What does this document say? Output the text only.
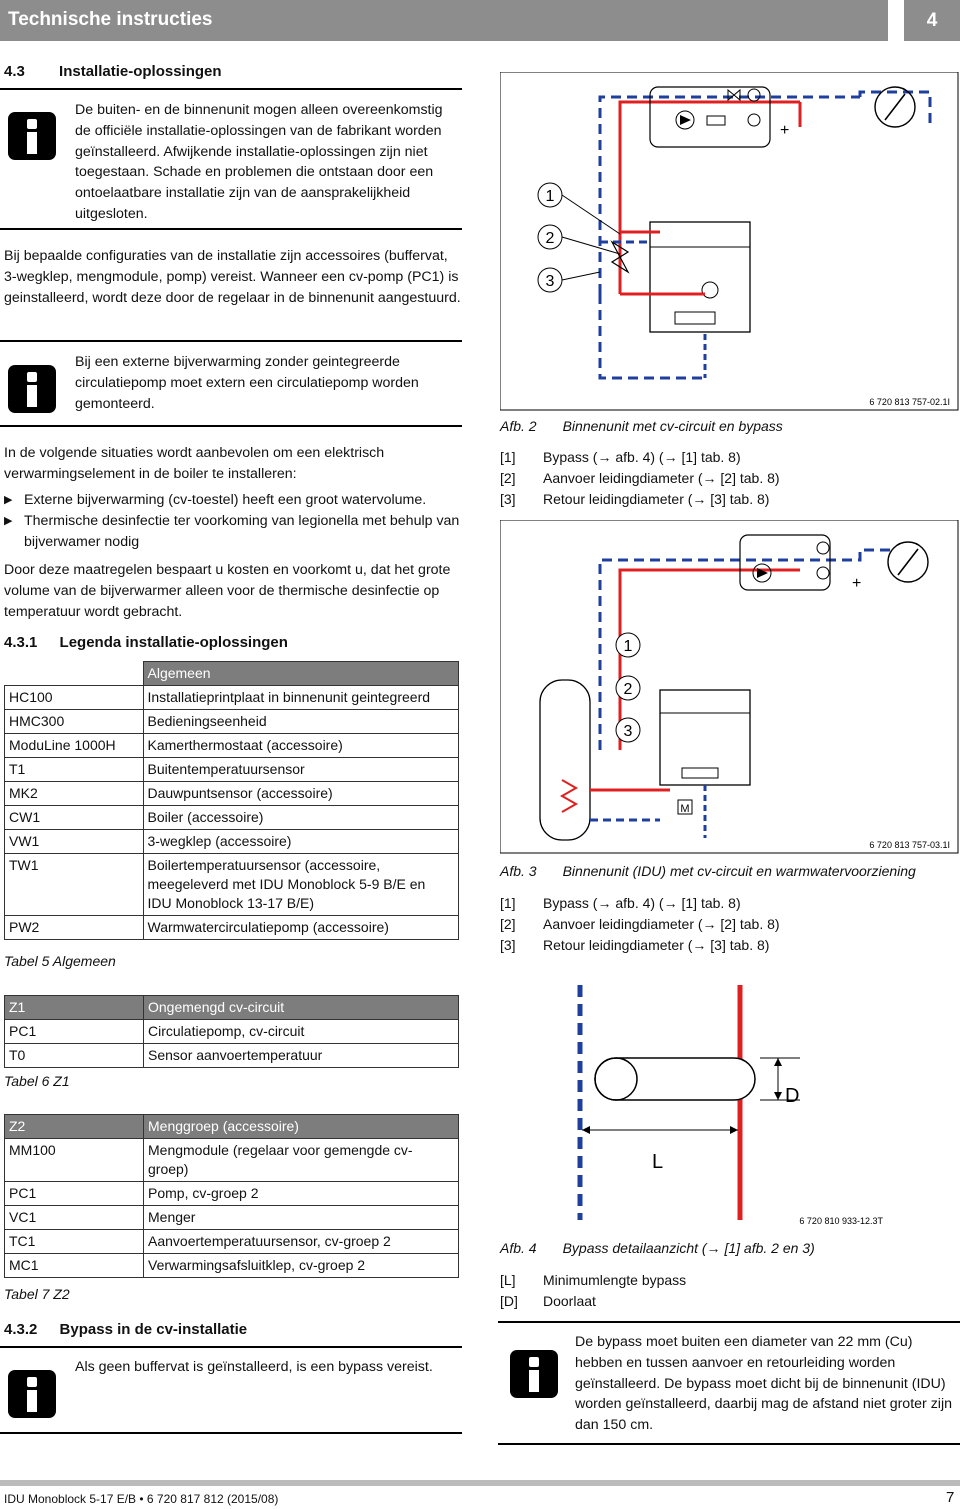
Technische instructies	4
4.3 Installatie-oplossingen
De buiten- en de binnenunit mogen alleen overeenkomstig de officiële installatie-oplossingen van de fabrikant worden geïnstalleerd. Afwijkende installatie-oplossingen zijn niet toegestaan. Schade en problemen die ontstaan door een ontoelaatbare installatie zijn van de aansprakelijkheid uitgesloten.
Bij bepaalde configuraties van de installatie zijn accessoires (buffervat, 3-wegklep, mengmodule, pomp) vereist. Wanneer een cv-pomp (PC1) is geinstalleerd, wordt deze door de regelaar in de binnenunit aangestuurd.
Bij een externe bijverwarming zonder geintegreerde circulatiepomp moet extern een circulatiepomp worden gemonteerd.
In de volgende situaties wordt aanbevolen om een elektrisch verwarmingselement in de boiler te installeren:
▶ Externe bijverwarming (cv-toestel) heeft een groot watervolume.
▶ Thermische desinfectie ter voorkoming van legionella met behulp van bijverwamer nodig
Door deze maatregelen bespaart u kosten en voorkomt u, dat het grote volume van de bijverwarmer alleen voor de thermische desinfectie op temperatuur wordt gebracht.
4.3.1 Legenda installatie-oplossingen
	Algemeen
HC100	Installatieprintplaat in binnenunit geintegreerd
HMC300	Bedieningseenheid
ModuLine 1000H	Kamerthermostaat (accessoire)
T1	Buitentemperatuursensor
MK2	Dauwpuntsensor (accessoire)
CW1	Boiler (accessoire)
VW1	3-wegklep (accessoire)
TW1	Boilertemperatuursensor (accessoire, meegeleverd met IDU Monoblock 5-9 B/E en IDU Monoblock 13-17 B/E)
PW2	Warmwatercirculatiepomp (accessoire)
Tabel 5 Algemeen
Z1	Ongemengd cv-circuit
PC1	Circulatiepomp, cv-circuit
T0	Sensor aanvoertemperatuur
Tabel 6 Z1
Z2	Menggroep (accessoire)
MM100	Mengmodule (regelaar voor gemengde cv-groep)
PC1	Pomp, cv-groep 2
VC1	Menger
TC1	Aanvoertemperatuursensor, cv-groep 2
MC1	Verwarmingsafsluitklep, cv-groep 2
Tabel 7 Z2
4.3.2 Bypass in de cv-installatie
Als geen buffervat is geïnstalleerd, is een bypass vereist.
+
1
2
3
6 720 813 757-02.1I
Afb. 2 Binnenunit met cv-circuit en bypass
[1] Bypass (→ afb. 4) (→ [1] tab. 8)
[2] Aanvoer leidingdiameter (→ [2] tab. 8)
[3] Retour leidingdiameter (→ [3] tab. 8)
+
M
1
2
3
6 720 813 757-03.1I
Afb. 3 Binnenunit (IDU) met cv-circuit en warmwatervoorziening
[1] Bypass (→ afb. 4) (→ [1] tab. 8)
[2] Aanvoer leidingdiameter (→ [2] tab. 8)
[3] Retour leidingdiameter (→ [3] tab. 8)
D
L
6 720 810 933-12.3T
Afb. 4 Bypass detailaanzicht (→ [1] afb. 2 en 3)
[L] Minimumlengte bypass
[D] Doorlaat
De bypass moet buiten een diameter van 22 mm (Cu) hebben en tussen aanvoer en retourleiding worden geïnstalleerd. De bypass moet dicht bij de binnenunit (IDU) worden geïnstalleerd, daarbij mag de afstand niet groter zijn dan 150 cm.
IDU Monoblock 5-17 E/B • 6 720 817 812 (2015/08)	7
